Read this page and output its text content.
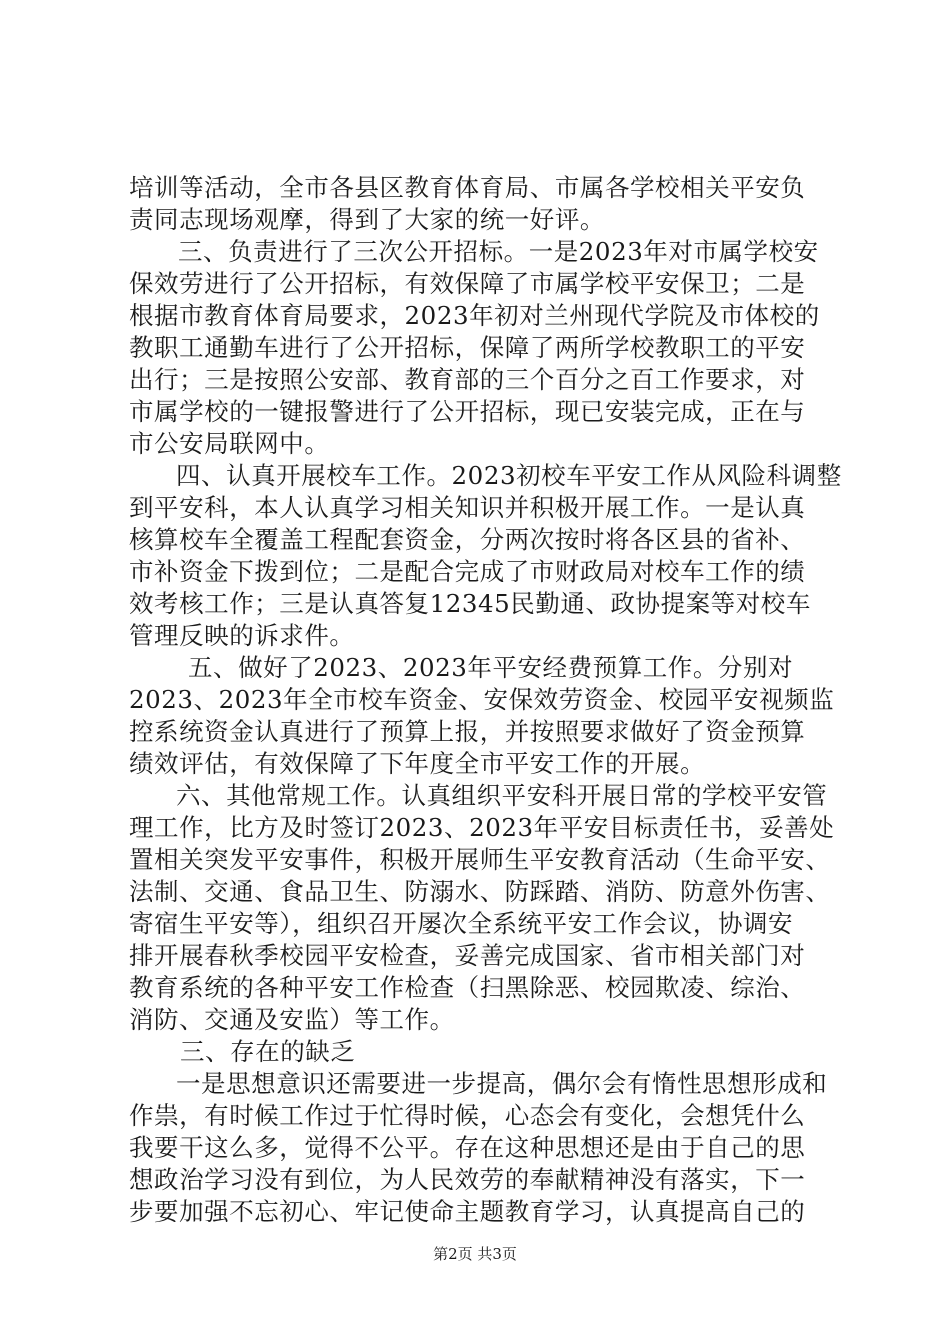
培训等活动，全市各县区教育体育局、市属各学校相关平安负
责同志现场观摩，得到了大家的统一好评。
三、负责进行了三次公开招标。一是2023年对市属学校安
保效劳进行了公开招标，有效保障了市属学校平安保卫；二是
根据市教育体育局要求，2023年初对兰州现代学院及市体校的
教职工通勤车进行了公开招标，保障了两所学校教职工的平安
出行；三是按照公安部、教育部的三个百分之百工作要求，对
市属学校的一键报警进行了公开招标，现已安装完成，正在与
市公安局联网中。
四、认真开展校车工作。2023初校车平安工作从风险科调整
到平安科，本人认真学习相关知识并积极开展工作。一是认真
核算校车全覆盖工程配套资金，分两次按时将各区县的省补、
市补资金下拨到位；二是配合完成了市财政局对校车工作的绩
效考核工作；三是认真答复12345民勤通、政协提案等对校车
管理反映的诉求件。
五、做好了2023、2023年平安经费预算工作。分别对
2023、2023年全市校车资金、安保效劳资金、校园平安视频监
控系统资金认真进行了预算上报，并按照要求做好了资金预算
绩效评估，有效保障了下年度全市平安工作的开展。
六、其他常规工作。认真组织平安科开展日常的学校平安管
理工作，比方及时签订2023、2023年平安目标责任书，妥善处
置相关突发平安事件，积极开展师生平安教育活动（生命平安、
法制、交通、食品卫生、防溺水、防踩踏、消防、防意外伤害、
寄宿生平安等），组织召开屡次全系统平安工作会议，协调安
排开展春秋季校园平安检查，妥善完成国家、省市相关部门对
教育系统的各种平安工作检查（扫黑除恶、校园欺凌、综治、
消防、交通及安监）等工作。
三、存在的缺乏
一是思想意识还需要进一步提高，偶尔会有惰性思想形成和
作祟，有时候工作过于忙得时候，心态会有变化，会想凭什么
我要干这么多，觉得不公平。存在这种思想还是由于自己的思
想政治学习没有到位，为人民效劳的奉献精神没有落实，下一
步要加强不忘初心、牢记使命主题教育学习，认真提高自己的
第2页 共3页
